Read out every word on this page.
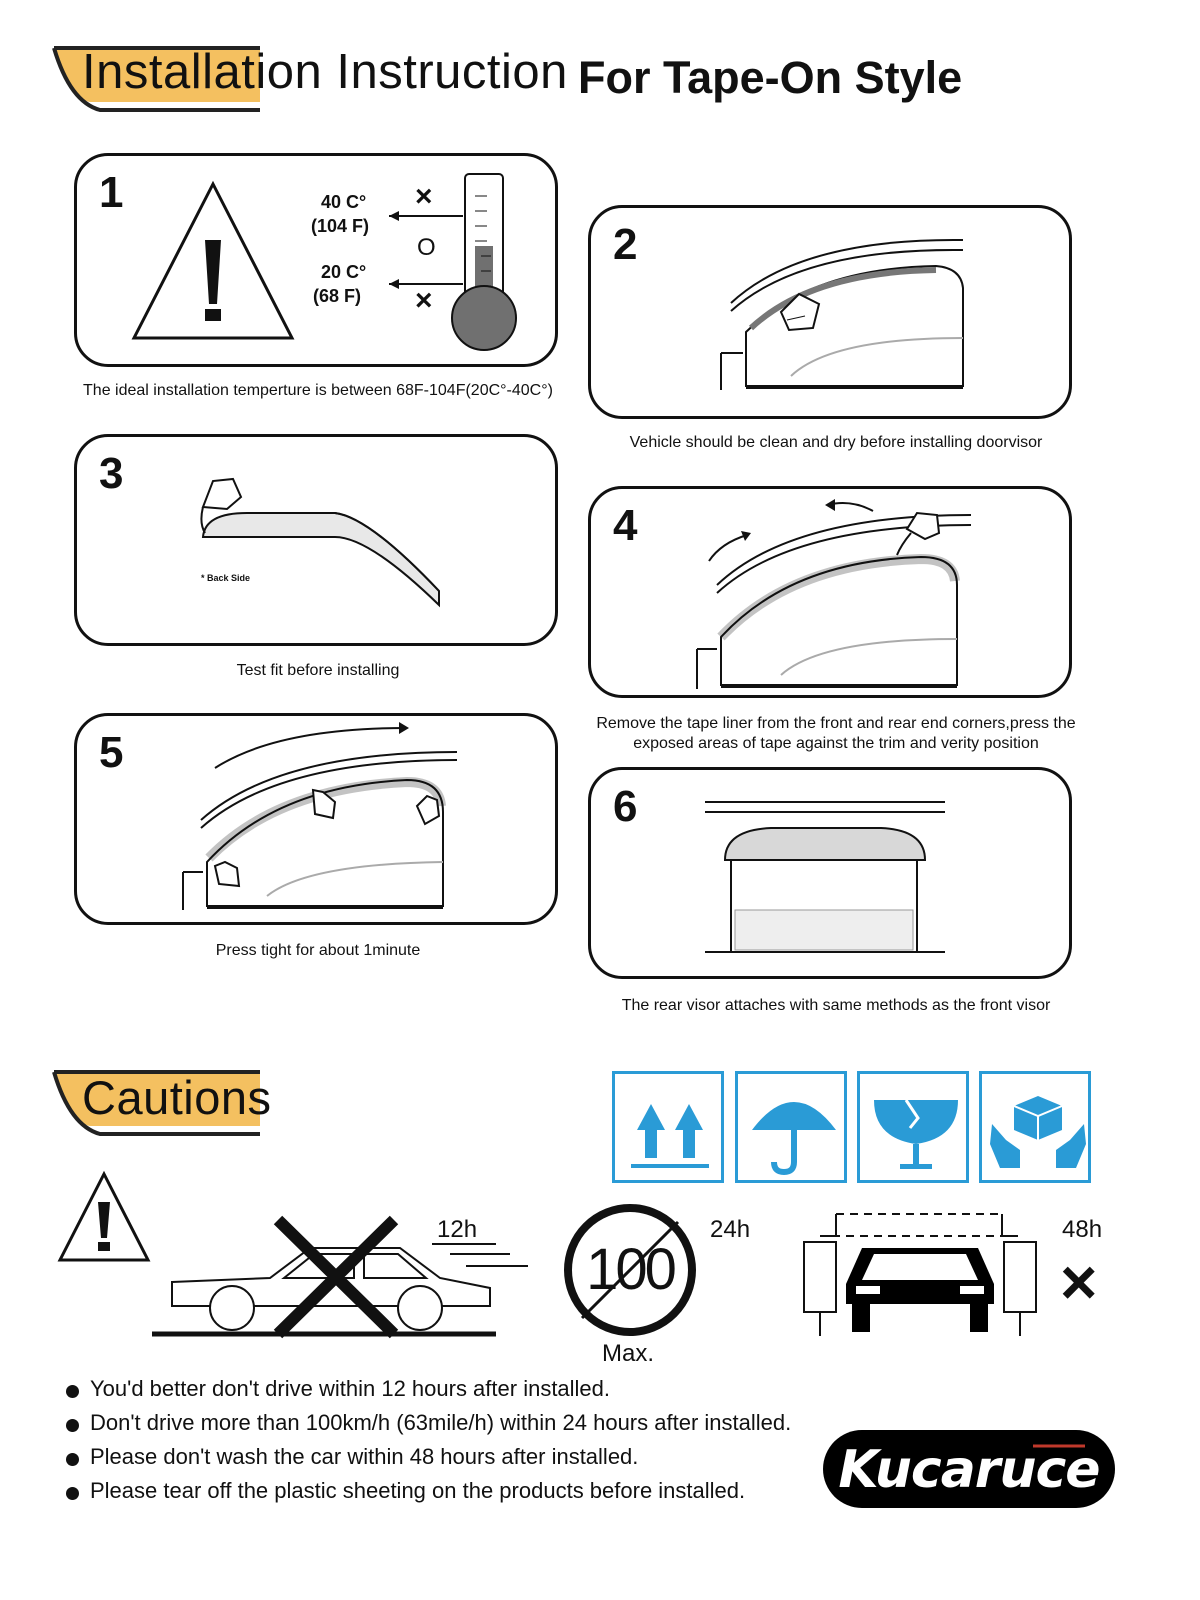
Installation Instruction For Tape-On Style
1	40 C°
(104 F)
20 C°
(68 F)
×
O
×
The ideal installation temperture is between 68F-104F(20C°-40C°)
2
Vehicle should be clean and dry before installing doorvisor
3
* Back Side
Test fit before installing
4
Remove the tape liner from the front and rear end corners,press the exposed areas of tape against the trim and verity position
5
Press tight for about 1minute
6
The rear visor attaches with same methods as the front visor
Cautions
12h
100
24h
Max.
48h
×
You'd better don't drive within 12 hours after installed.
Don't drive more than 100km/h (63mile/h) within 24 hours after installed.
Please don't wash the car within 48 hours after installed.
Please tear off the plastic sheeting on the products before installed. Kucaruce
